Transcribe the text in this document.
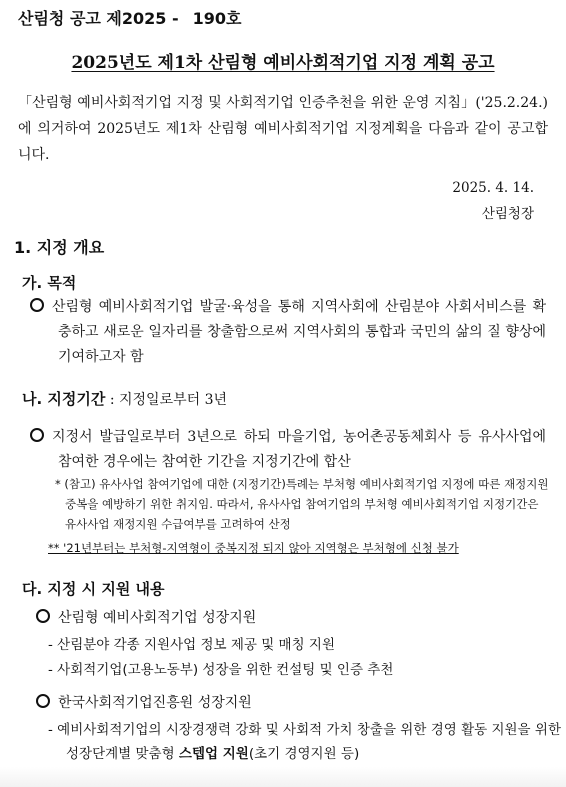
산림청 공고 제2025 - 190호
2025년도 제1차 산림형 예비사회적기업 지정 계획 공고

「산림형 예비사회적기업 지정 및 사회적기업 인증추천을 위한 운영 지침」('25.2.24.)에 의거하여 2025년도 제1차 산림형 예비사회적기업 지정계획을 다음과 같이 공고합니다.

2025. 4. 14.
산림청장
1. 지정 개요
가. 목적
산림형 예비사회적기업 발굴·육성을 통해 지역사회에 산림분야 사회서비스를 확충하고 새로운 일자리를 창출함으로써 지역사회의 통합과 국민의 삶의 질 향상에 기여하고자 함
나. 지정기간 : 지정일로부터 3년
지정서 발급일로부터 3년으로 하되 마을기업, 농어촌공동체회사 등 유사사업에 참여한 경우에는 참여한 기간을 지정기간에 합산
* (참고) 유사사업 참여기업에 대한 (지정기간)특례는 부처형 예비사회적기업 지정에 따른 재정지원 중복을 예방하기 위한 취지임. 따라서, 유사사업 참여기업의 부처형 예비사회적기업 지정기간은 유사사업 재정지원 수급여부를 고려하여 산정
** '21년부터는 부처형-지역형이 중복지정 되지 않아 지역형은 부처형에 신청 불가
다. 지정 시 지원 내용
산림형 예비사회적기업 성장지원
- 산림분야 각종 지원사업 정보 제공 및 매칭 지원
- 사회적기업(고용노동부) 성장을 위한 컨설팅 및 인증 추천
한국사회적기업진흥원 성장지원
- 예비사회적기업의 시장경쟁력 강화 및 사회적 가치 창출을 위한 경영 활동 지원을 위한 성장단계별 맞춤형 스텝업 지원(초기 경영지원 등)
